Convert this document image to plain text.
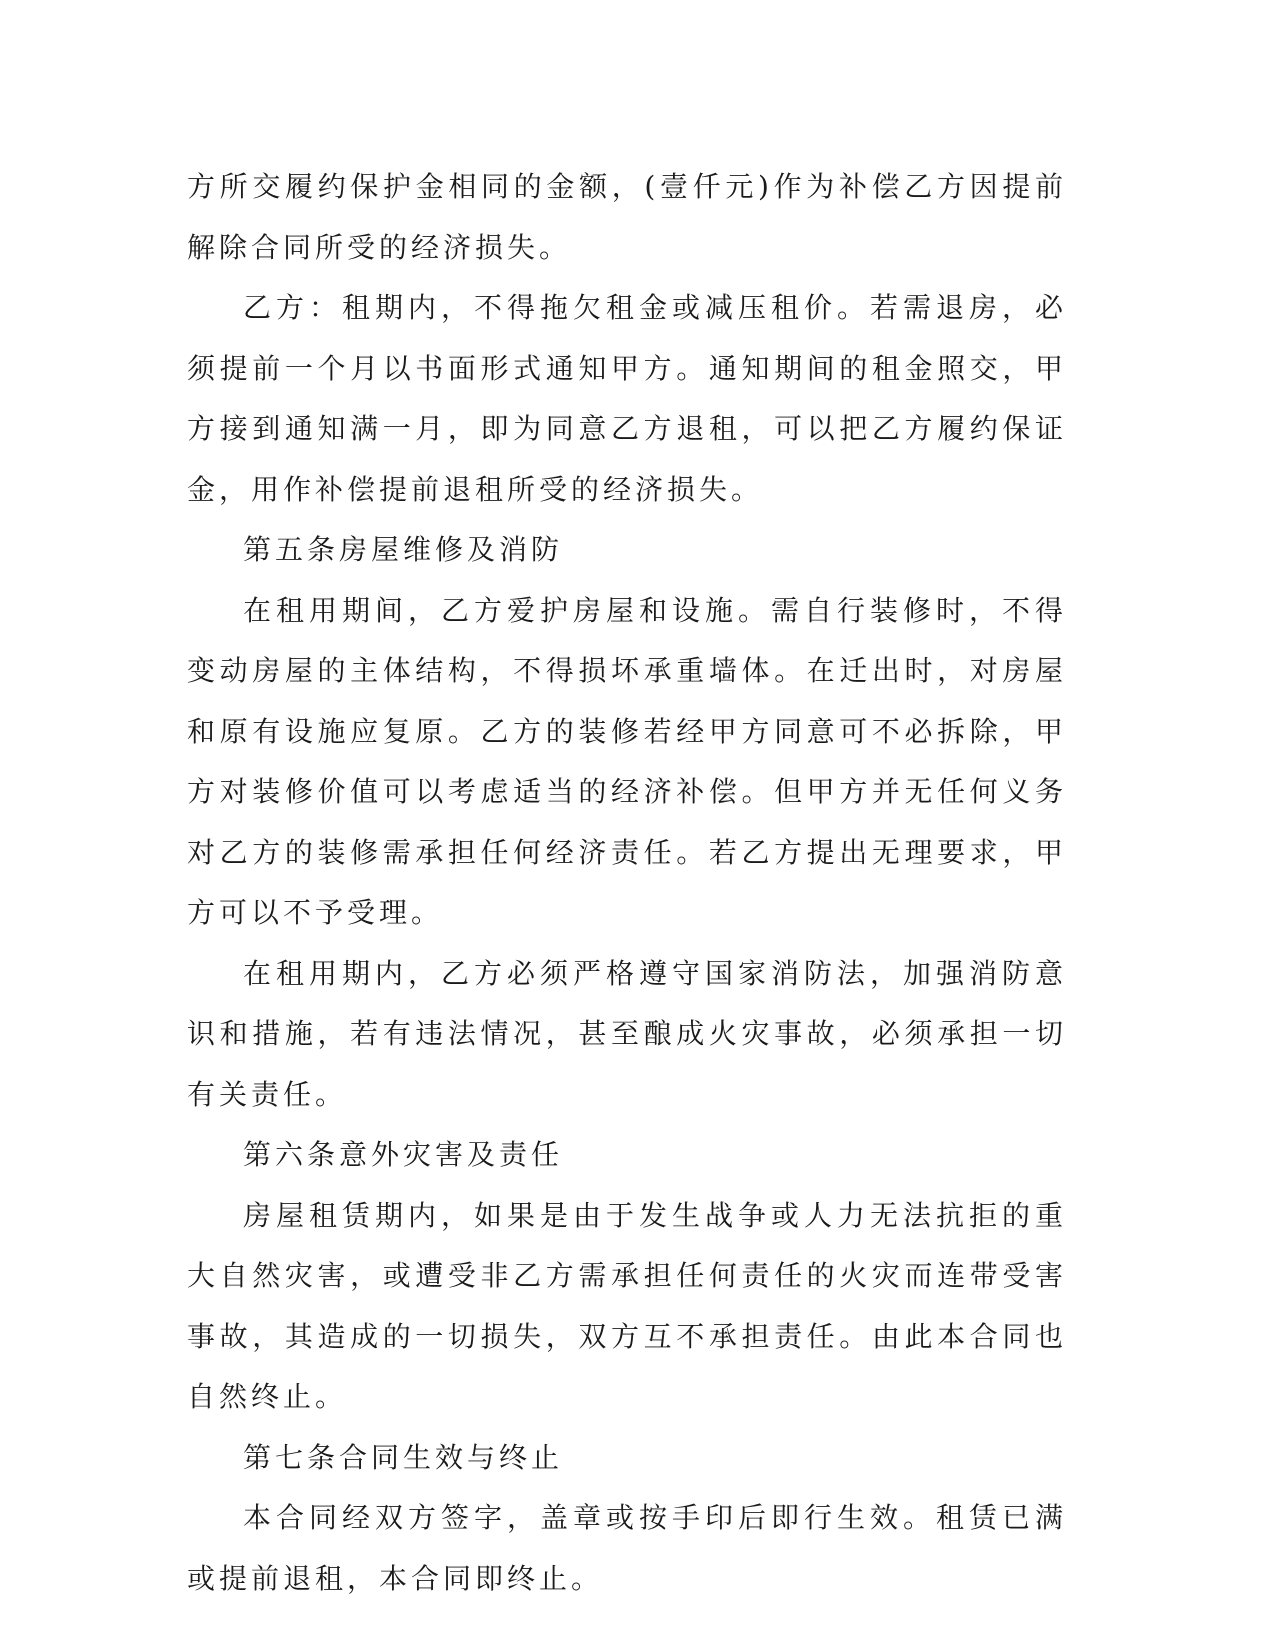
方所交履约保护金相同的金额，(壹仟元)作为补偿乙方因提前解除合同所受的经济损失。

乙方：租期内，不得拖欠租金或减压租价。若需退房，必须提前一个月以书面形式通知甲方。通知期间的租金照交，甲方接到通知满一月，即为同意乙方退租，可以把乙方履约保证金，用作补偿提前退租所受的经济损失。

第五条房屋维修及消防

在租用期间，乙方爱护房屋和设施。需自行装修时，不得变动房屋的主体结构，不得损坏承重墙体。在迁出时，对房屋和原有设施应复原。乙方的装修若经甲方同意可不必拆除，甲方对装修价值可以考虑适当的经济补偿。但甲方并无任何义务对乙方的装修需承担任何经济责任。若乙方提出无理要求，甲方可以不予受理。

在租用期内，乙方必须严格遵守国家消防法，加强消防意识和措施，若有违法情况，甚至酿成火灾事故，必须承担一切有关责任。

第六条意外灾害及责任

房屋租赁期内，如果是由于发生战争或人力无法抗拒的重大自然灾害，或遭受非乙方需承担任何责任的火灾而连带受害事故，其造成的一切损失，双方互不承担责任。由此本合同也自然终止。

第七条合同生效与终止

本合同经双方签字，盖章或按手印后即行生效。租赁已满或提前退租，本合同即终止。
